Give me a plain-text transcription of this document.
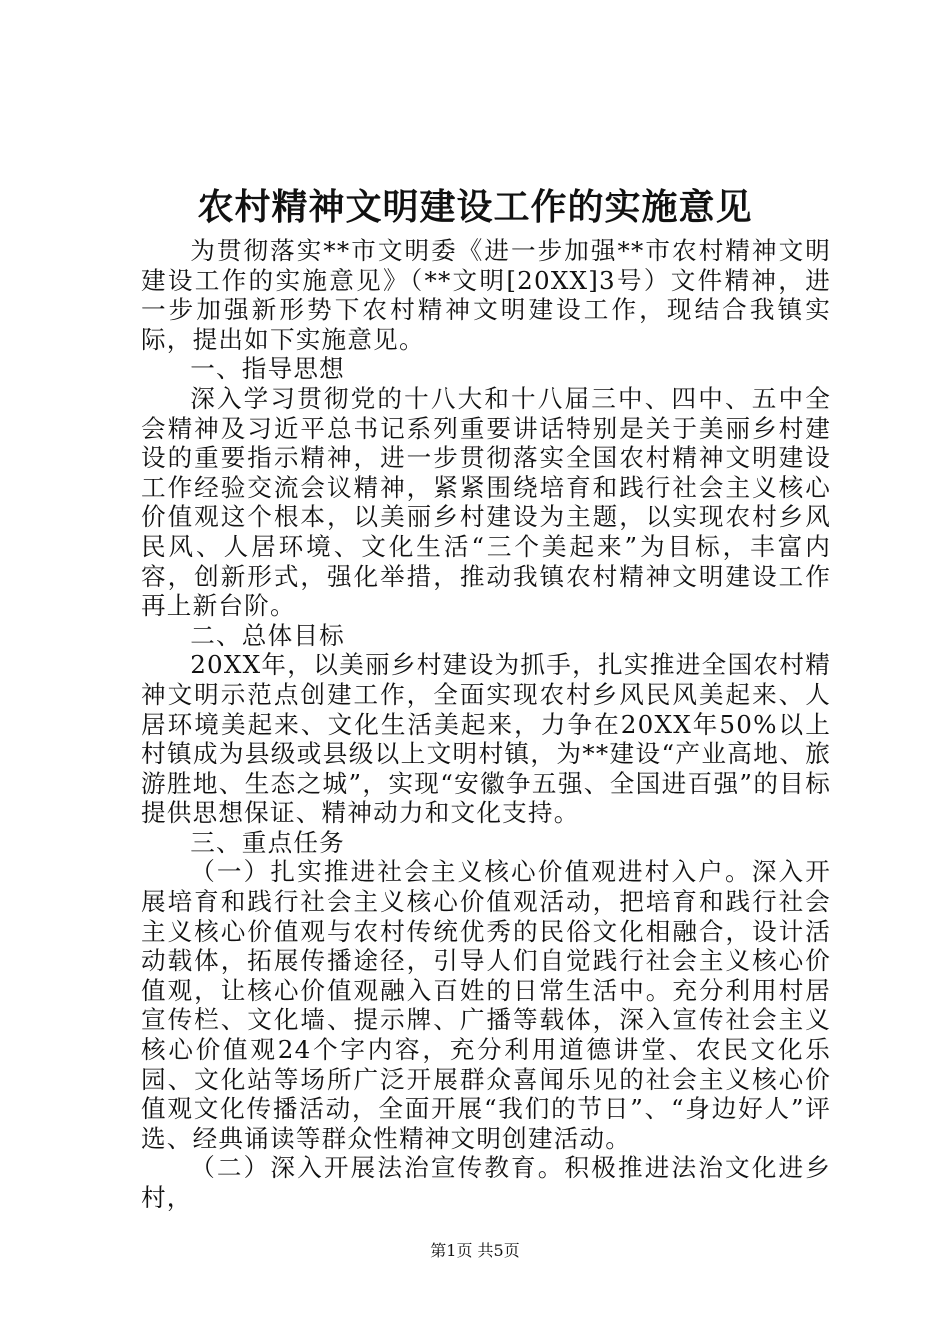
农村精神文明建设工作的实施意见

为贯彻落实**市文明委《进一步加强**市农村精神文明建设工作的实施意见》（**文明[20XX]3号）文件精神，进一步加强新形势下农村精神文明建设工作，现结合我镇实际，提出如下实施意见。

一、指导思想

深入学习贯彻党的十八大和十八届三中、四中、五中全会精神及习近平总书记系列重要讲话特别是关于美丽乡村建设的重要指示精神，进一步贯彻落实全国农村精神文明建设工作经验交流会议精神，紧紧围绕培育和践行社会主义核心价值观这个根本，以美丽乡村建设为主题，以实现农村乡风民风、人居环境、文化生活“三个美起来”为目标，丰富内容，创新形式，强化举措，推动我镇农村精神文明建设工作再上新台阶。

二、总体目标

20XX年，以美丽乡村建设为抓手，扎实推进全国农村精神文明示范点创建工作，全面实现农村乡风民风美起来、人居环境美起来、文化生活美起来，力争在20XX年50%以上村镇成为县级或县级以上文明村镇，为**建设“产业高地、旅游胜地、生态之城”，实现“安徽争五强、全国进百强”的目标提供思想保证、精神动力和文化支持。

三、重点任务

（一）扎实推进社会主义核心价值观进村入户。深入开展培育和践行社会主义核心价值观活动，把培育和践行社会主义核心价值观与农村传统优秀的民俗文化相融合，设计活动载体，拓展传播途径，引导人们自觉践行社会主义核心价值观，让核心价值观融入百姓的日常生活中。充分利用村居宣传栏、文化墙、提示牌、广播等载体，深入宣传社会主义核心价值观24个字内容，充分利用道德讲堂、农民文化乐园、文化站等场所广泛开展群众喜闻乐见的社会主义核心价值观文化传播活动，全面开展“我们的节日”、“身边好人”评选、经典诵读等群众性精神文明创建活动。

（二）深入开展法治宣传教育。积极推进法治文化进乡村，

第1页 共5页
